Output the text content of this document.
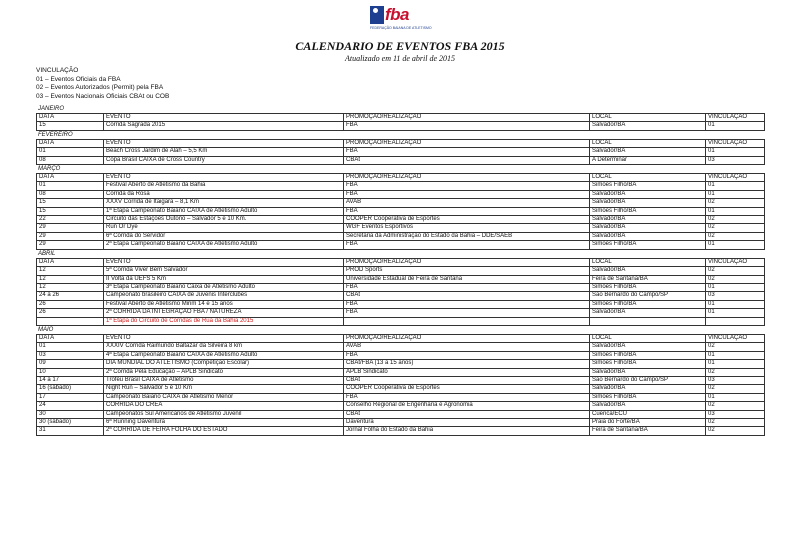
fba
FEDERAÇÃO BAIANA DE ATLETISMO
CALENDARIO DE EVENTOS FBA 2015
Atualizado em 11 de abril de 2015
VINCULAÇÃO
01 – Eventos Oficiais da FBA
02 – Eventos Autorizados (Permit) pela FBA
03 – Eventos Nacionais Oficiais CBAt ou COB
JANEIRO
DATA	EVENTO	PROMOÇÃO/REALIZAÇÃO	LOCAL	VINCULAÇÃO
15	Corrida Sagrada 2015	FBA	Salvador/BA	01
FEVEREIRO
DATA	EVENTO	PROMOÇÃO/REALIZAÇÃO	LOCAL	VINCULAÇÃO
01	Beach Cross Jardim de Alah – 5,5 Km	FBA	Salvador/BA	01
08	Copa Brasil CAIXA de Cross Country	CBAt	A Determinar	03
MARÇO
DATA	EVENTO	PROMOÇÃO/REALIZAÇÃO	LOCAL	VINCULAÇÃO
01	Festival Aberto de Atletismo da Bahia	FBA	Simões Filho/BA	01
08	Corrida da Rosa	FBA	Salvador/BA	01
15	XXXV Corrida de Itaigara – 8,1 Km	AVAB	Salvador/BA	02
15	1ª Etapa Campeonato Baiano CAIXA de Atletismo Adulto	FBA	Simões Filho/BA	01
22	Circuito das Estações Outono – Salvador 5 e 10 Km.	COOPER Cooperativa de Esportes	Salvador/BA	02
29	Run Or Dye	WGF Eventos Esportivos	Salvador/BA	02
29	6ª Corrida do Servidor	Secretaria da Administração do Estado da Bahia – DDE/SAEB	Salvador/BA	02
29	2ª Etapa Campeonato Baiano CAIXA de Atletismo Adulto	FBA	Simões Filho/BA	01
ABRIL
DATA	EVENTO	PROMOÇÃO/REALIZAÇÃO	LOCAL	VINCULAÇÃO
12	5ª Corrida Viver Bem Salvador	PROD Sports	Salvador/BA	02
12	II Volta da UEFS 5 Km	Universidade Estadual de Feira de Santana	Feira de Santana/BA	02
12	3ª Etapa Campeonato Baiano Caixa de Atletismo Adulto	FBA	Simões Filho/BA	01
24 a 26	Campeonato brasileiro CAIXA de Juvenis Interclubes	CBAt	São Bernardo do Campo/SP	03
26	Festival Aberto de Atletismo Mirim 14 e 15 anos	FBA	Simões Filho/BA	01
26	2ª CORRIDA DA INTEGRAÇÃO FBA / NATUREZA	FBA	Salvador/BA	01
	1ª Etapa do Circuito de Corridas de Rua da Bahia 2015			
MAIO
DATA	EVENTO	PROMOÇÃO/REALIZAÇÃO	LOCAL	VINCULAÇÃO
01	XXXIV Corrida Raimundo Baltazar da Silveira 8 km	AVAB	Salvador/BA	02
03	4ª Etapa Campeonato Baiano CAIXA de Atletismo Adulto	FBA	Simões Filho/BA	01
09	DIA MUNDIAL DO ATLETISMO (Competição Escolar)	CBAt/FBA (13 a 15 anos)	Simões Filho/BA	01
10	2ª Corrida Pela Educação – APLB Sindicato	APLB Sindicato	Salvador/BA	02
14 a 17	Troféu Brasil CAIXA de Atletismo	CBAt	São Bernardo do Campo/SP	03
16 (sábado)	Night Run – Salvador 5 e 10 Km	COOPER Cooperativa de Esportes	Salvador/BA	02
17	Campeonato Baiano CAIXA de Atletismo Menor	FBA	Simões Filho/BA	01
24	CORRIDA DO CREA	Conselho Regional de Engenharia e Agronomia	Salvador/BA	02
30	Campeonatos Sul Americanos de Atletismo Juvenil	CBAt	Cuenca/ECU	03
30 (sábado)	6ª Running Daventura	Daventura	Praia do Forte/BA	02
31	2ª CORRIDA DE FEIRA FOLHA DO ESTADO	Jornal Folha do Estado da Bahia	Feira de Santana/BA	02
